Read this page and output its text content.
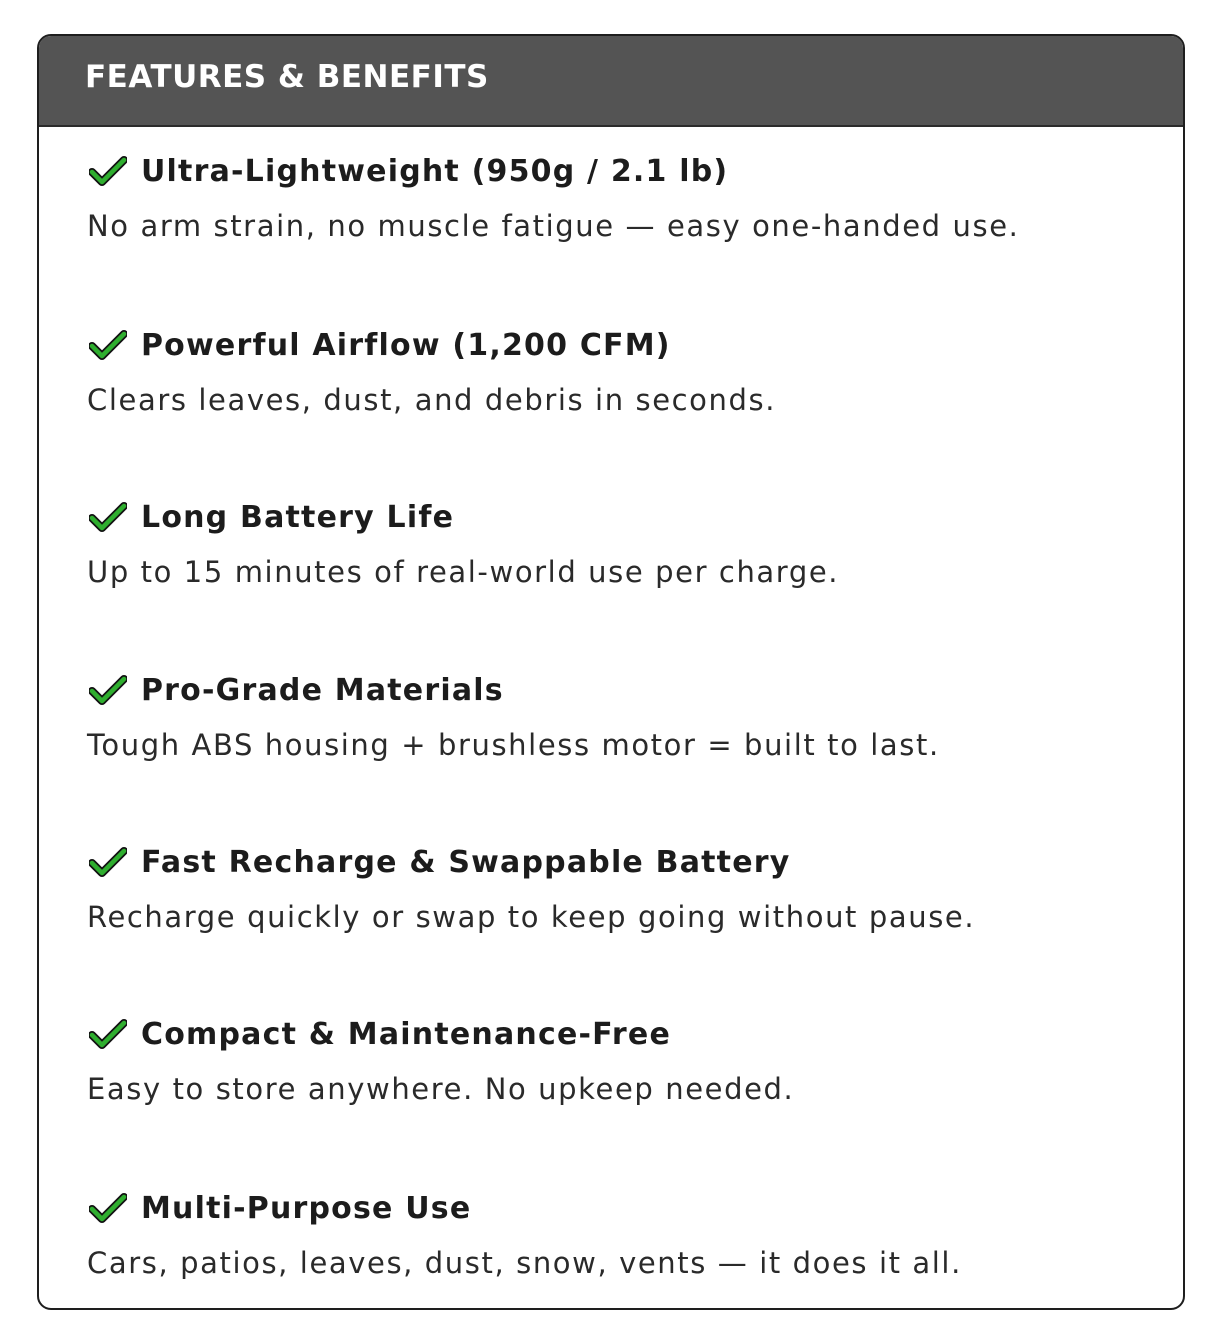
FEATURES & BENEFITS
Ultra-Lightweight (950g / 2.1 lb)
No arm strain, no muscle fatigue — easy one-handed use.
Powerful Airflow (1,200 CFM)
Clears leaves, dust, and debris in seconds.
Long Battery Life
Up to 15 minutes of real-world use per charge.
Pro-Grade Materials
Tough ABS housing + brushless motor = built to last.
Fast Recharge & Swappable Battery
Recharge quickly or swap to keep going without pause.
Compact & Maintenance-Free
Easy to store anywhere. No upkeep needed.
Multi-Purpose Use
Cars, patios, leaves, dust, snow, vents — it does it all.
